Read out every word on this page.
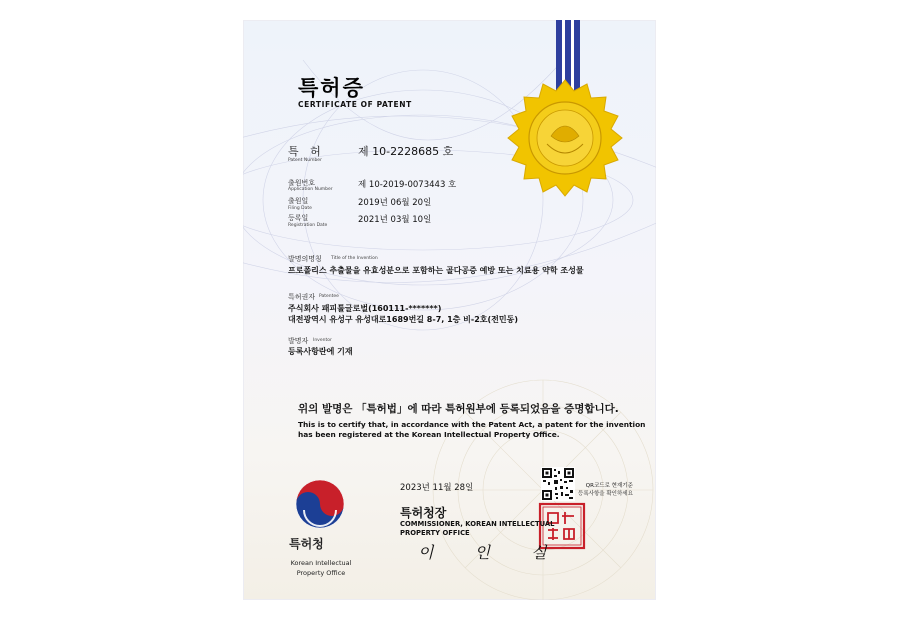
특허증
CERTIFICATE OF PATENT
특 허
Patent Number
제 10-2228685 호
출원번호
Application Number	제 10-2019-0073443 호
출원일
Filing Date
2019년 06월 20일
등록일
Registration Date
2021년 03월 10일
발명의명칭 Title of the Invention
프로폴리스 추출물을 유효성분으로 포함하는 골다공증 예방 또는 치료용 약학 조성물
특허권자 Patentee
주식회사 패피툴글로벌(160111-*******)
대전광역시 유성구 유성대로1689번길 8-7, 1층 비-2호(전민동)
발명자 Inventor
등록사항란에 기재
위의 발명은 「특허법」에 따라 특허원부에 등록되었음을 증명합니다.
This is to certify that, in accordance with the Patent Act, a patent for the invention has been registered at the Korean Intellectual Property Office.
2023년 11월 28일
특허청장
COMMISSIONER, KOREAN INTELLECTUAL PROPERTY OFFICE
이 인 실
QR코드로 현재기준
등록사항을 확인하세요
특허청
Korean Intellectual Property Office
